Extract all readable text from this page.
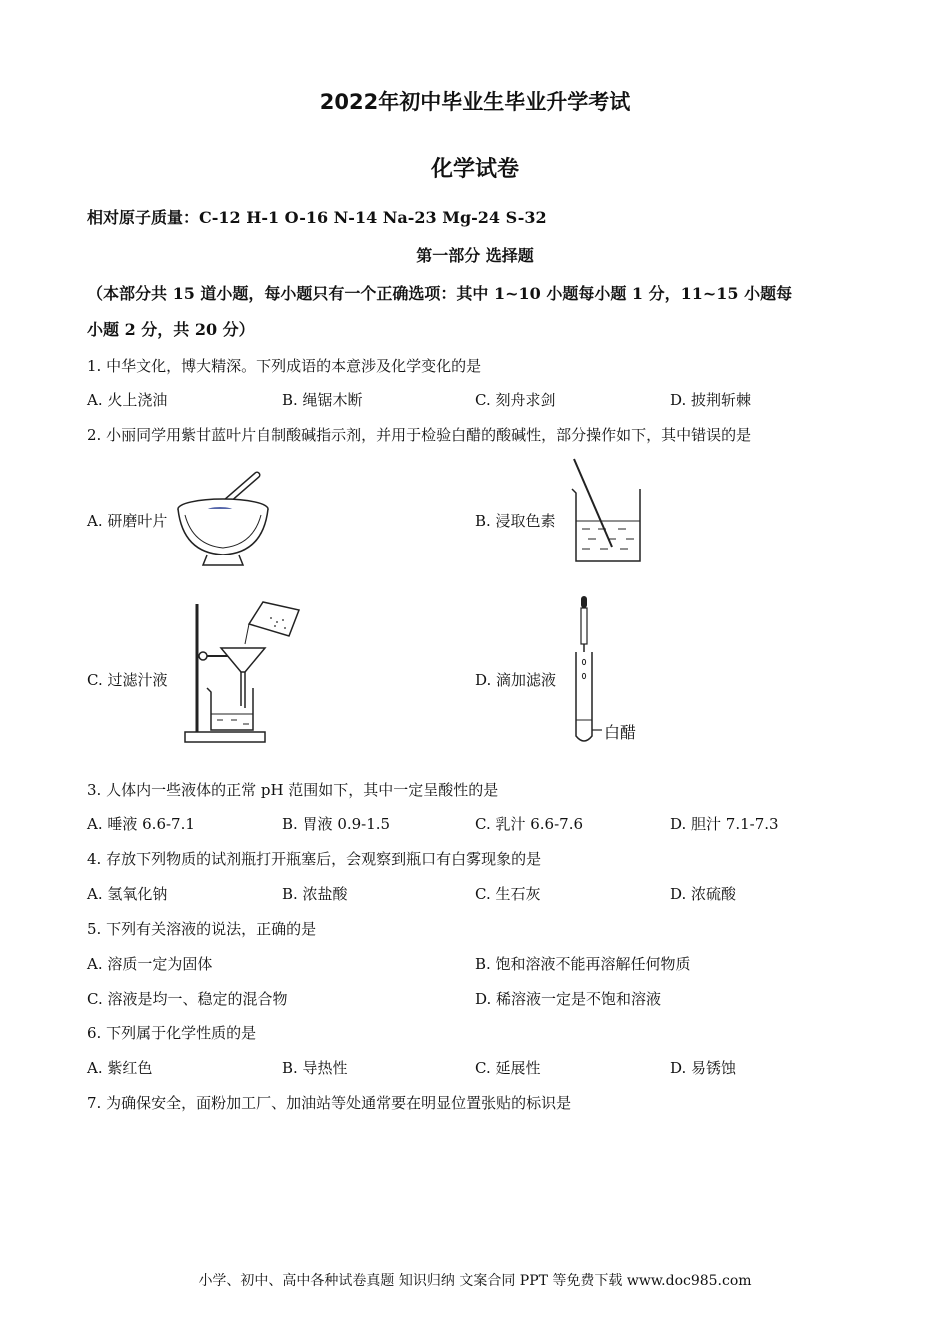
2022年初中毕业生毕业升学考试
化学试卷
相对原子质量：C-12 H-1 O-16 N-14 Na-23 Mg-24 S-32
第一部分 选择题
（本部分共 15 道小题，每小题只有一个正确选项：其中 1~10 小题每小题 1 分，11~15 小题每
小题 2 分，共 20 分）
1. 中华文化，博大精深。下列成语的本意涉及化学变化的是
A. 火上浇油	B. 绳锯木断	C. 刻舟求剑	D. 披荆斩棘
2. 小丽同学用紫甘蓝叶片自制酸碱指示剂，并用于检验白醋的酸碱性，部分操作如下，其中错误的是
A. 研磨叶片	B. 浸取色素
C. 过滤汁液	D. 滴加滤液
白醋
3. 人体内一些液体的正常 pH 范围如下，其中一定呈酸性的是
A. 唾液 6.6-7.1	B. 胃液 0.9-1.5	C. 乳汁 6.6-7.6	D. 胆汁 7.1-7.3
4. 存放下列物质的试剂瓶打开瓶塞后，会观察到瓶口有白雾现象的是
A. 氢氧化钠	B. 浓盐酸	C. 生石灰	D. 浓硫酸
5. 下列有关溶液的说法，正确的是
A. 溶质一定为固体	B. 饱和溶液不能再溶解任何物质
C. 溶液是均一、稳定的混合物	D. 稀溶液一定是不饱和溶液
6. 下列属于化学性质的是
A. 紫红色	B. 导热性	C. 延展性	D. 易锈蚀
7. 为确保安全，面粉加工厂、加油站等处通常要在明显位置张贴的标识是
小学、初中、高中各种试卷真题 知识归纳 文案合同 PPT 等免费下载 www.doc985.com
